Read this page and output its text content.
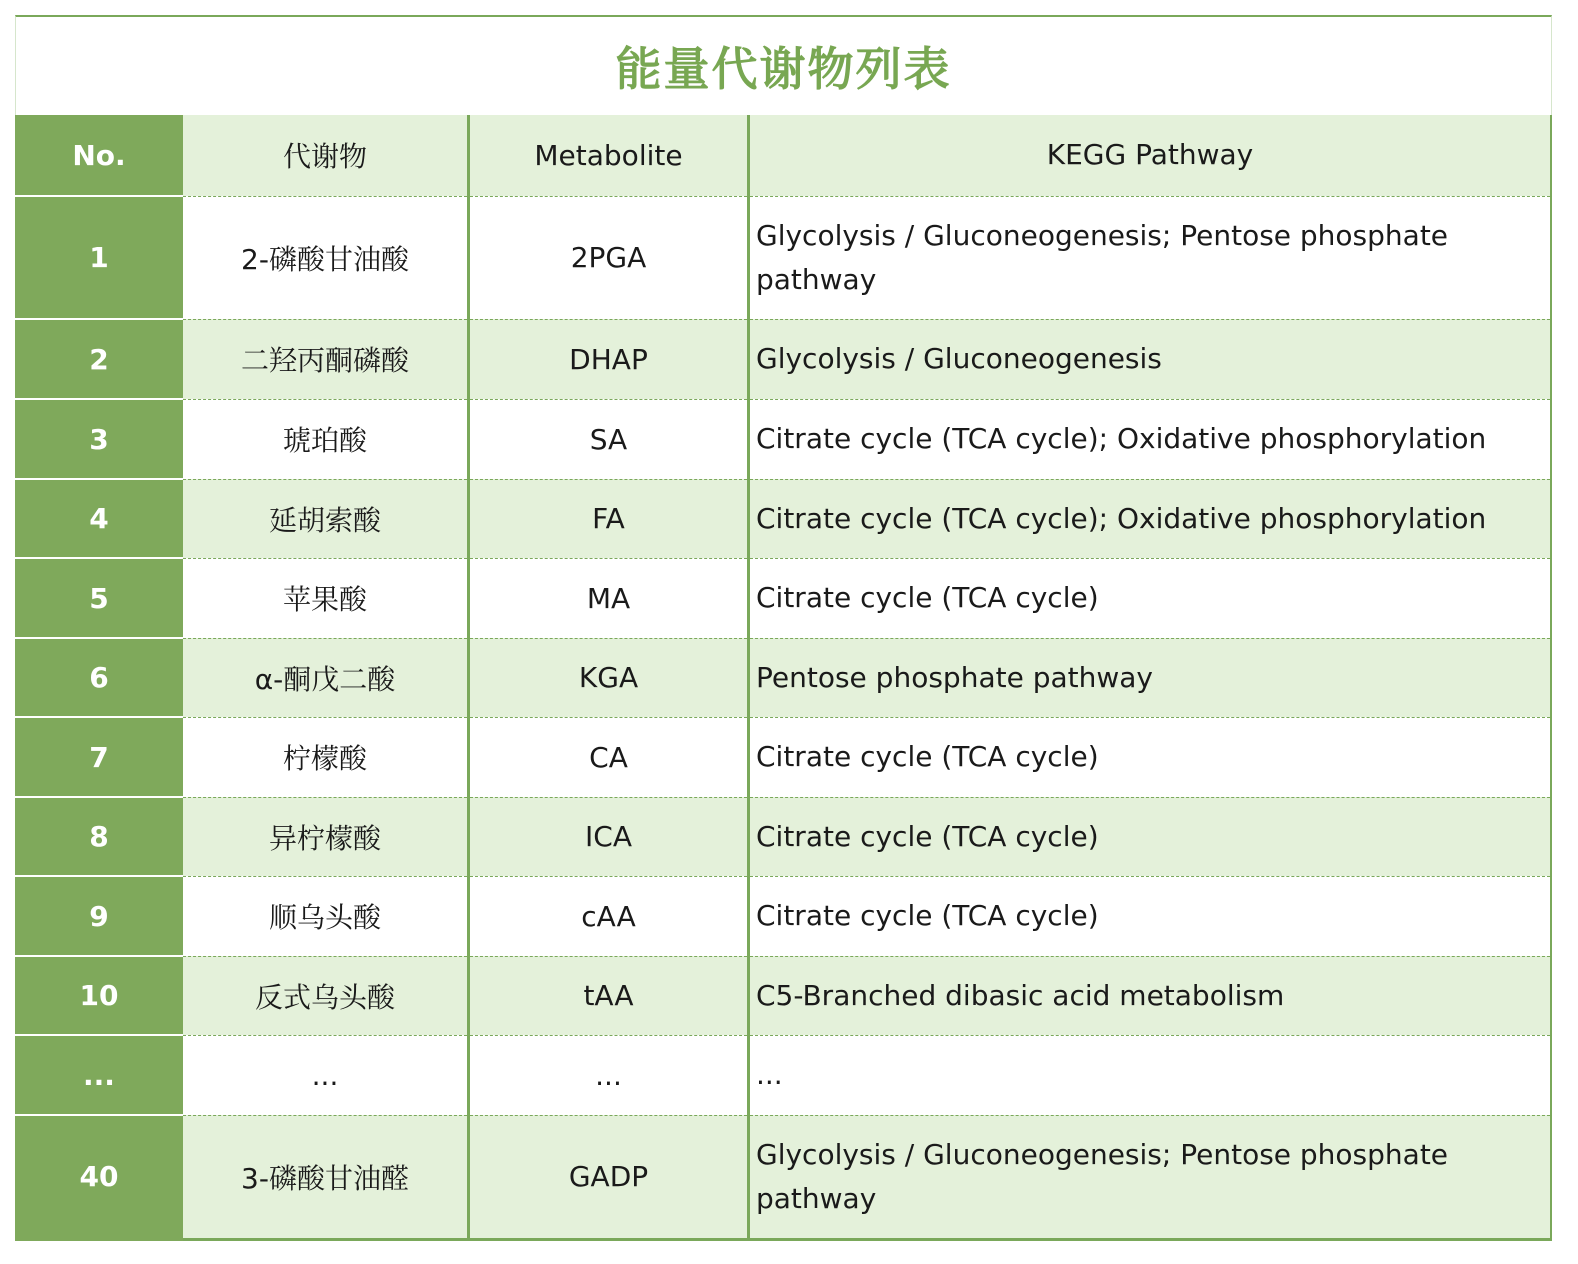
能量代谢物列表
No.	代谢物	Metabolite	KEGG Pathway
1	2-磷酸甘油酸	2PGA	Glycolysis / Gluconeogenesis; Pentose phosphate pathway
2	二羟丙酮磷酸	DHAP	Glycolysis / Gluconeogenesis
3	琥珀酸	SA	Citrate cycle (TCA cycle); Oxidative phosphorylation
4	延胡索酸	FA	Citrate cycle (TCA cycle); Oxidative phosphorylation
5	苹果酸	MA	Citrate cycle (TCA cycle)
6	α-酮戊二酸	KGA	Pentose phosphate pathway
7	柠檬酸	CA	Citrate cycle (TCA cycle)
8	异柠檬酸	ICA	Citrate cycle (TCA cycle)
9	顺乌头酸	cAA	Citrate cycle (TCA cycle)
10	反式乌头酸	tAA	C5-Branched dibasic acid metabolism
...	...	...	...
40	3-磷酸甘油醛	GADP	Glycolysis / Gluconeogenesis; Pentose phosphate pathway
